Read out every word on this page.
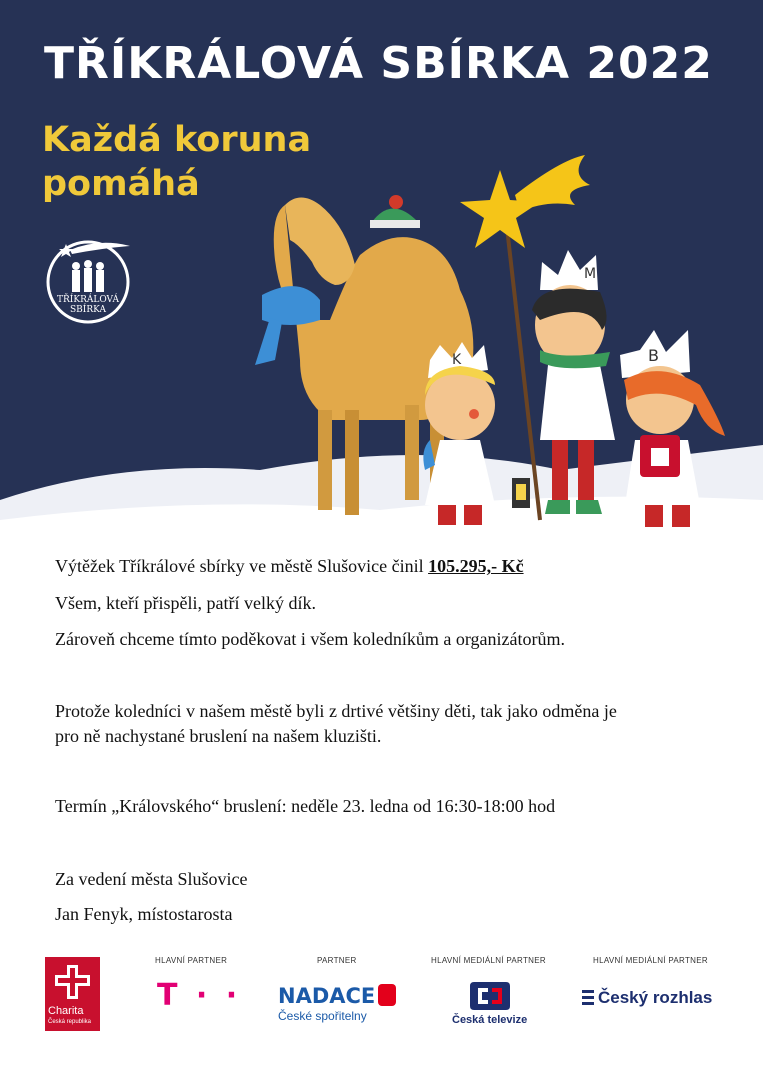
TŘÍKRÁLOVÁ SBÍRKA 2022
Každá koruna
pomáhá
TŘÍKRÁLOVÁ
SBÍRKA
K
M
B
Výtěžek Tříkrálové sbírky ve městě Slušovice činil 105.295,- Kč
Všem, kteří přispěli, patří velký dík.
Zároveň chceme tímto poděkovat i všem koledníkům a organizátorům.
Protože koledníci v našem městě byli z drtivé většiny děti, tak jako odměna je
pro ně nachystané bruslení na našem kluzišti.
Termín „Královského“ bruslení: neděle 23. ledna od 16:30-18:00 hod
Za vedení města Slušovice
Jan Fenyk, místostarosta
Charita
Česká republika
HLAVNÍ PARTNER
T · ·
PARTNER
NADACE
České spořitelny
HLAVNÍ MEDIÁLNÍ PARTNER
Česká televize
HLAVNÍ MEDIÁLNÍ PARTNER
Český rozhlas
